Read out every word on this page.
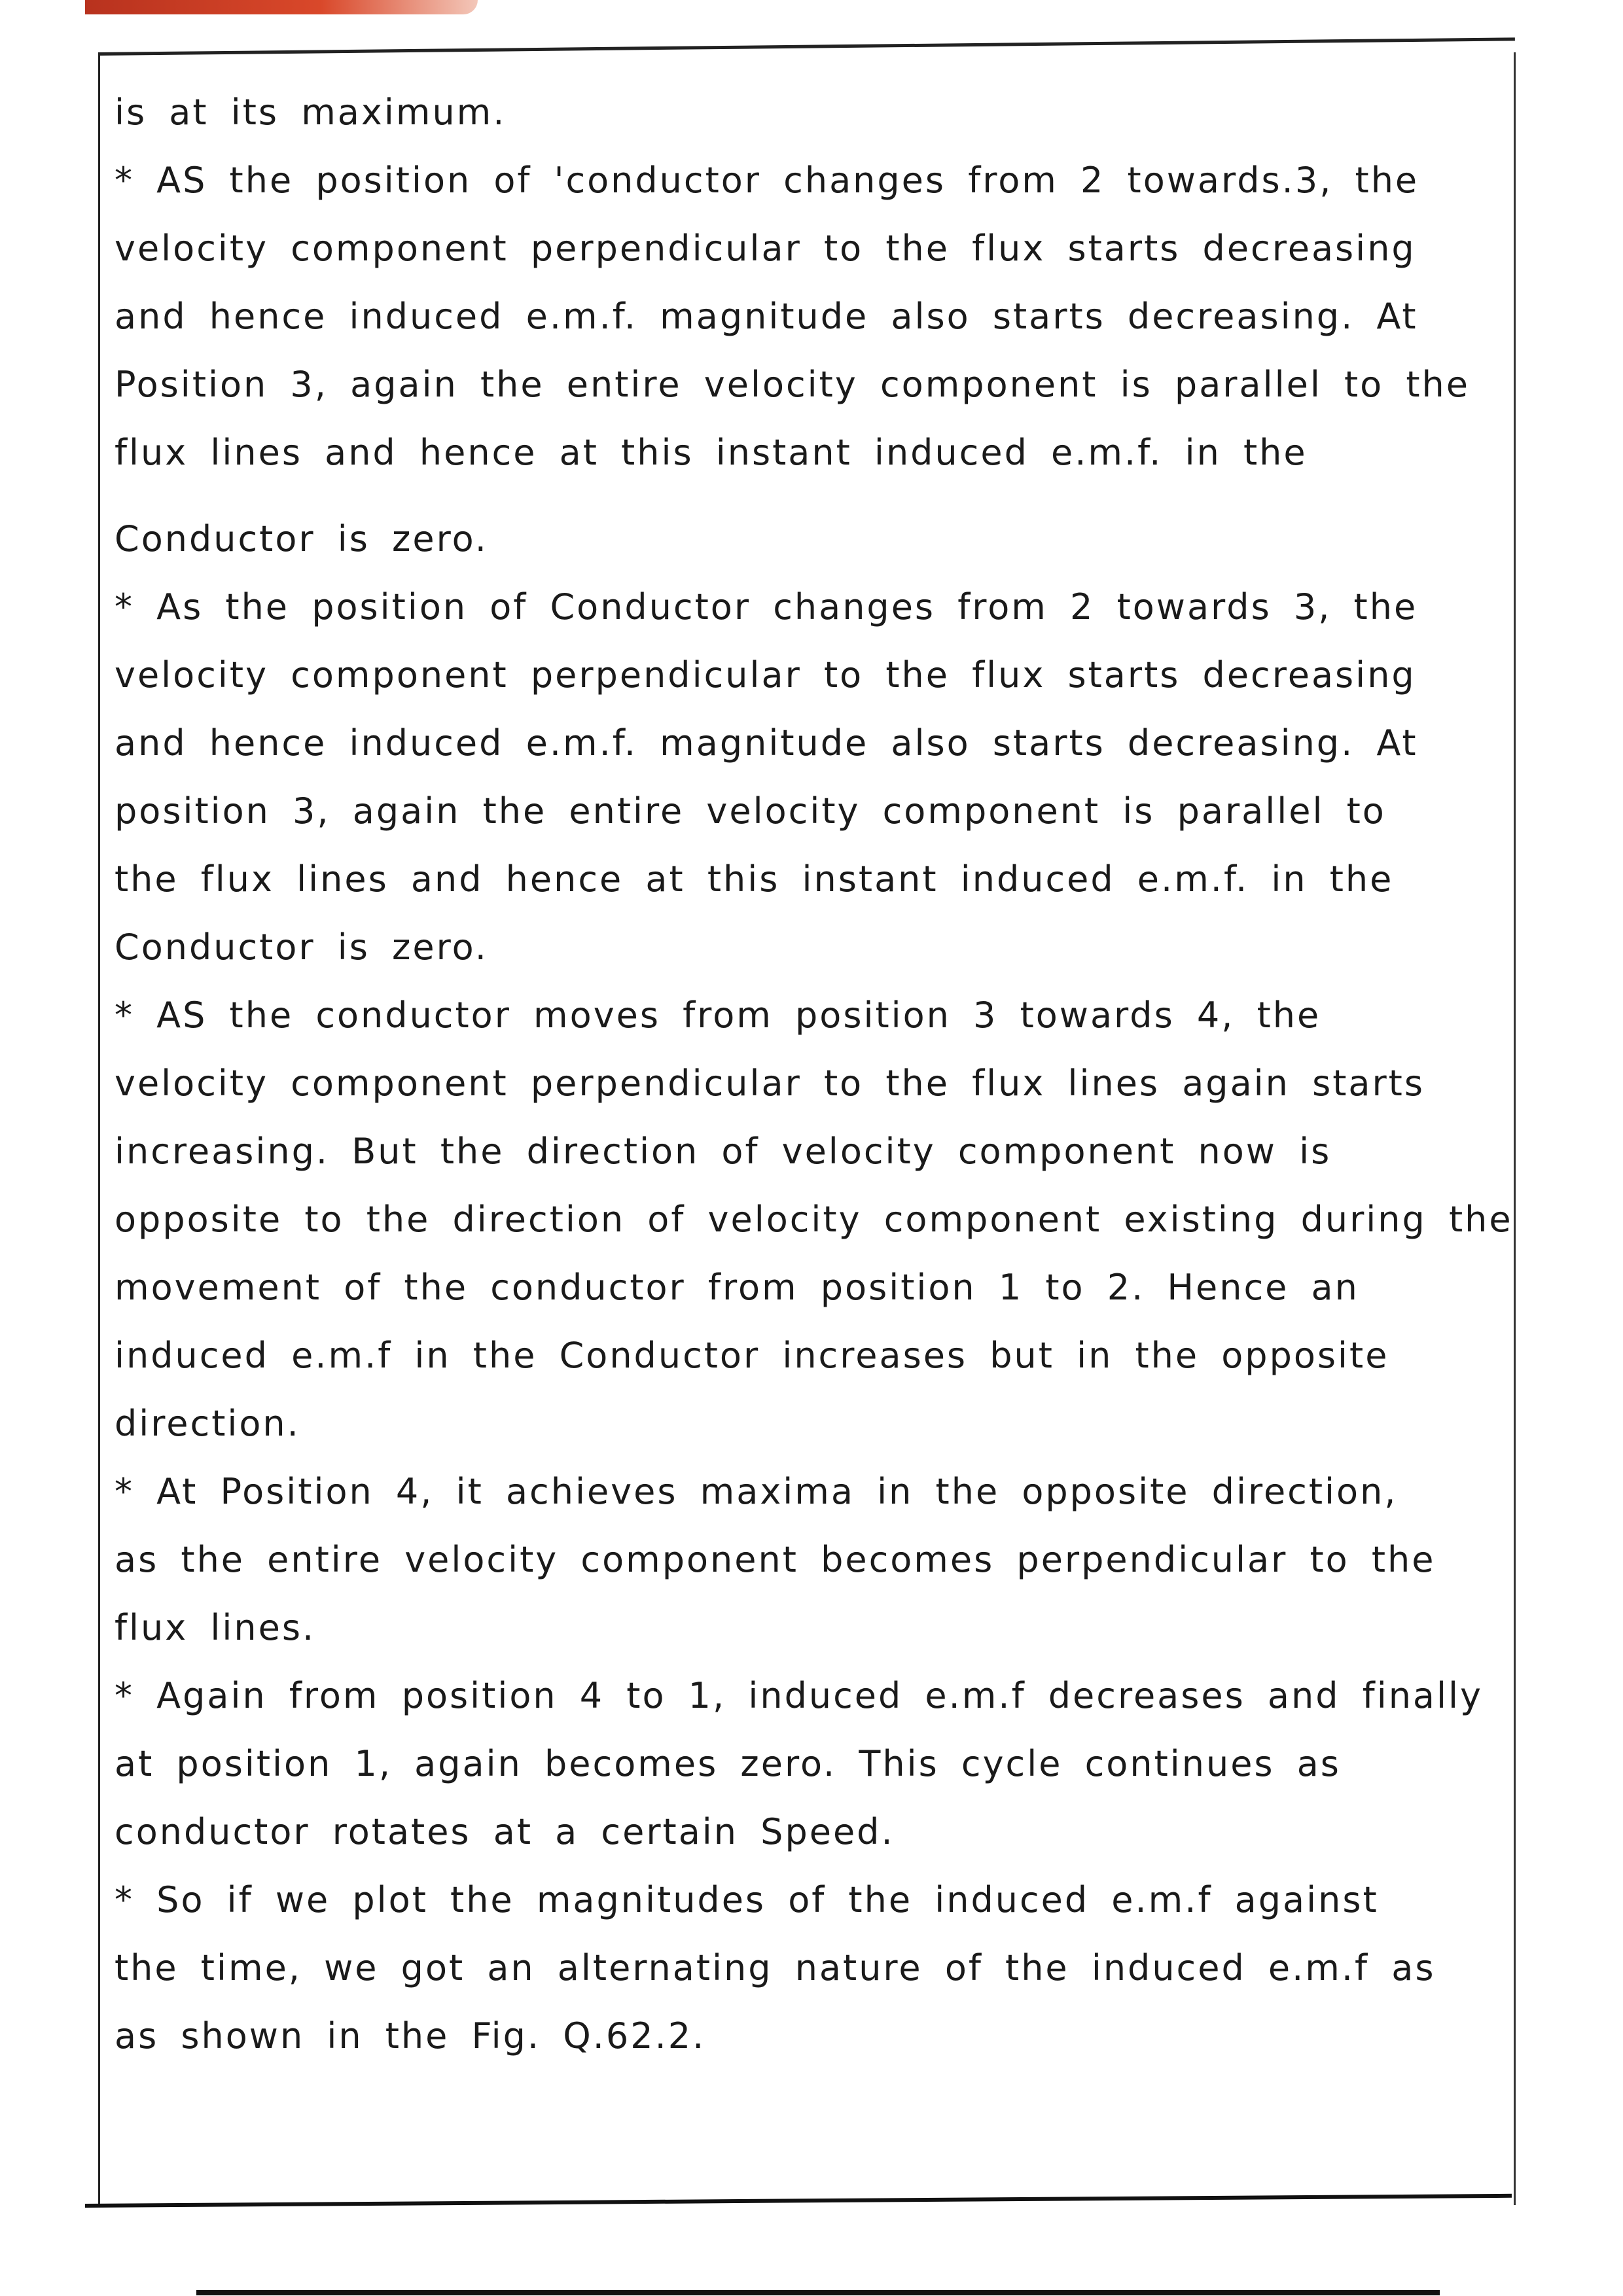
is at its maximum.
* AS the position of 'conductor changes from 2 towards.3, the
velocity component perpendicular to the flux starts decreasing
and hence induced e.m.f. magnitude also starts decreasing. At
Position 3, again the entire velocity component is parallel to the
flux lines and hence at this instant induced e.m.f. in the
Conductor is zero.
* As the position of Conductor changes from 2 towards 3, the
velocity component perpendicular to the flux starts decreasing
and hence induced e.m.f. magnitude also starts decreasing. At
position 3, again the entire velocity component is parallel to
the flux lines and hence at this instant induced e.m.f. in the
Conductor is zero.
* AS the conductor moves from position 3 towards 4, the
velocity component perpendicular to the flux lines again starts
increasing. But the direction of velocity component now is
opposite to the direction of velocity component existing during the
movement of the conductor from position 1 to 2. Hence an
induced e.m.f in the Conductor increases but in the opposite
direction.
* At Position 4, it achieves maxima in the opposite direction,
as the entire velocity component becomes perpendicular to the
flux lines.
* Again from position 4 to 1, induced e.m.f decreases and finally
at position 1, again becomes zero. This cycle continues as
conductor rotates at a certain Speed.
* So if we plot the magnitudes of the induced e.m.f against
the time, we got an alternating nature of the induced e.m.f as
as shown in the Fig. Q.62.2.
